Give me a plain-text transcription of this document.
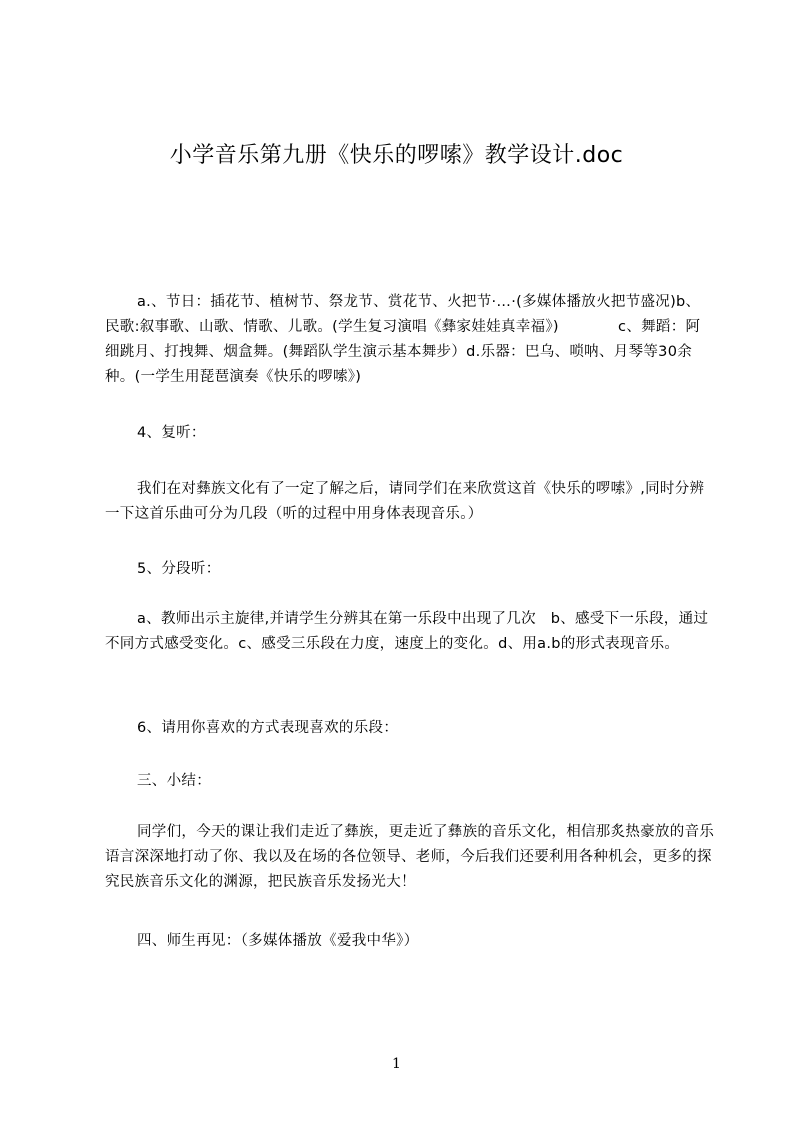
小学音乐第九册《快乐的啰嗦》教学设计.doc

a.、节日：插花节、植树节、祭龙节、赏花节、火把节·…·(多媒体播放火把节盛况)b、民歌:叙事歌、山歌、情歌、儿歌。(学生复习演唱《彝家娃娃真幸福》)　　　　c、舞蹈：阿细跳月、打拽舞、烟盒舞。(舞蹈队学生演示基本舞步）d.乐器：巴乌、唢呐、月琴等30余种。(一学生用琵琶演奏《快乐的啰嗦》)

4、复听：

我们在对彝族文化有了一定了解之后，请同学们在来欣赏这首《快乐的啰嗦》,同时分辨一下这首乐曲可分为几段（听的过程中用身体表现音乐。）

5、分段听：

a、教师出示主旋律,并请学生分辨其在第一乐段中出现了几次　b、感受下一乐段，通过不同方式感受变化。c、感受三乐段在力度，速度上的变化。d、用a.b的形式表现音乐。

6、请用你喜欢的方式表现喜欢的乐段：
三、小结：

同学们，今天的课让我们走近了彝族，更走近了彝族的音乐文化，相信那炙热豪放的音乐语言深深地打动了你、我以及在场的各位领导、老师，今后我们还要利用各种机会，更多的探究民族音乐文化的渊源，把民族音乐发扬光大！

四、师生再见：（多媒体播放《爱我中华》）
1
